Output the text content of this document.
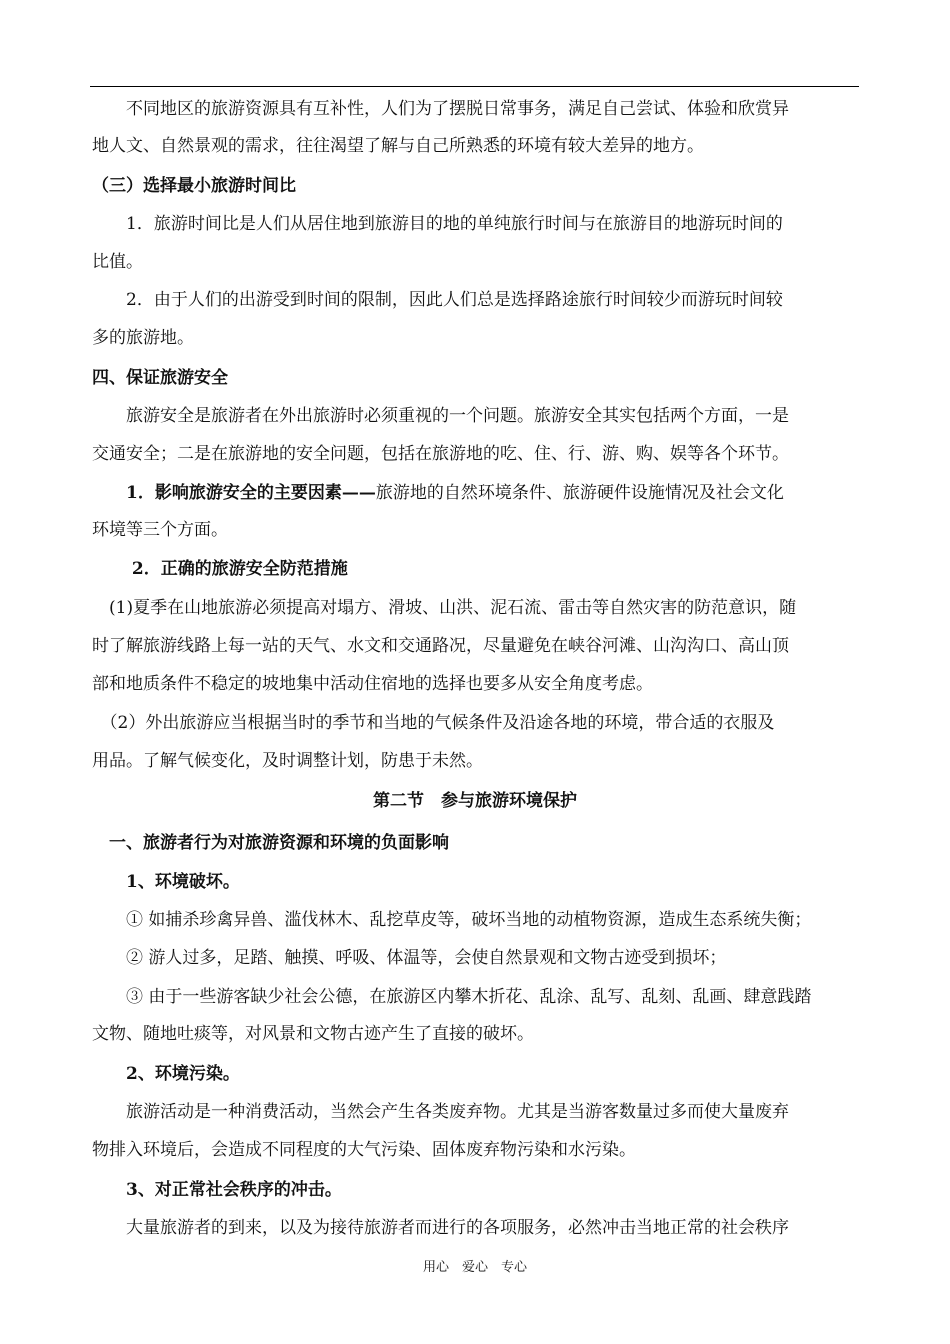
　　不同地区的旅游资源具有互补性，人们为了摆脱日常事务，满足自己尝试、体验和欣赏异
地人文、自然景观的需求，往往渴望了解与自己所熟悉的环境有较大差异的地方。
（三）选择最小旅游时间比
　　1．旅游时间比是人们从居住地到旅游目的地的单纯旅行时间与在旅游目的地游玩时间的
比值。
　　2．由于人们的出游受到时间的限制，因此人们总是选择路途旅行时间较少而游玩时间较
多的旅游地。
四、保证旅游安全
　　旅游安全是旅游者在外出旅游时必须重视的一个问题。旅游安全其实包括两个方面，一是
交通安全；二是在旅游地的安全问题，包括在旅游地的吃、住、行、游、购、娱等各个环节。
　　1．影响旅游安全的主要因素——旅游地的自然环境条件、旅游硬件设施情况及社会文化
环境等三个方面。
　　 2．正确的旅游安全防范措施
　(1)夏季在山地旅游必须提高对塌方、滑坡、山洪、泥石流、雷击等自然灾害的防范意识，随
时了解旅游线路上每一站的天气、水文和交通路况，尽量避免在峡谷河滩、山沟沟口、高山顶
部和地质条件不稳定的坡地集中活动住宿地的选择也要多从安全角度考虑。
　（2）外出旅游应当根据当时的季节和当地的气候条件及沿途各地的环境，带合适的衣服及
用品。了解气候变化，及时调整计划，防患于未然。
第二节　参与旅游环境保护
　一、旅游者行为对旅游资源和环境的负面影响
　　1、环境破坏。
　　① 如捕杀珍禽异兽、滥伐林木、乱挖草皮等，破坏当地的动植物资源，造成生态系统失衡；
　　② 游人过多，足踏、触摸、呼吸、体温等，会使自然景观和文物古迹受到损坏；
　　③ 由于一些游客缺少社会公德，在旅游区内攀木折花、乱涂、乱写、乱刻、乱画、肆意践踏
文物、随地吐痰等，对风景和文物古迹产生了直接的破坏。
　　2、环境污染。
　　旅游活动是一种消费活动，当然会产生各类废弃物。尤其是当游客数量过多而使大量废弃
物排入环境后，会造成不同程度的大气污染、固体废弃物污染和水污染。
　　3、对正常社会秩序的冲击。
　　大量旅游者的到来，以及为接待旅游者而进行的各项服务，必然冲击当地正常的社会秩序
用心　爱心　专心
